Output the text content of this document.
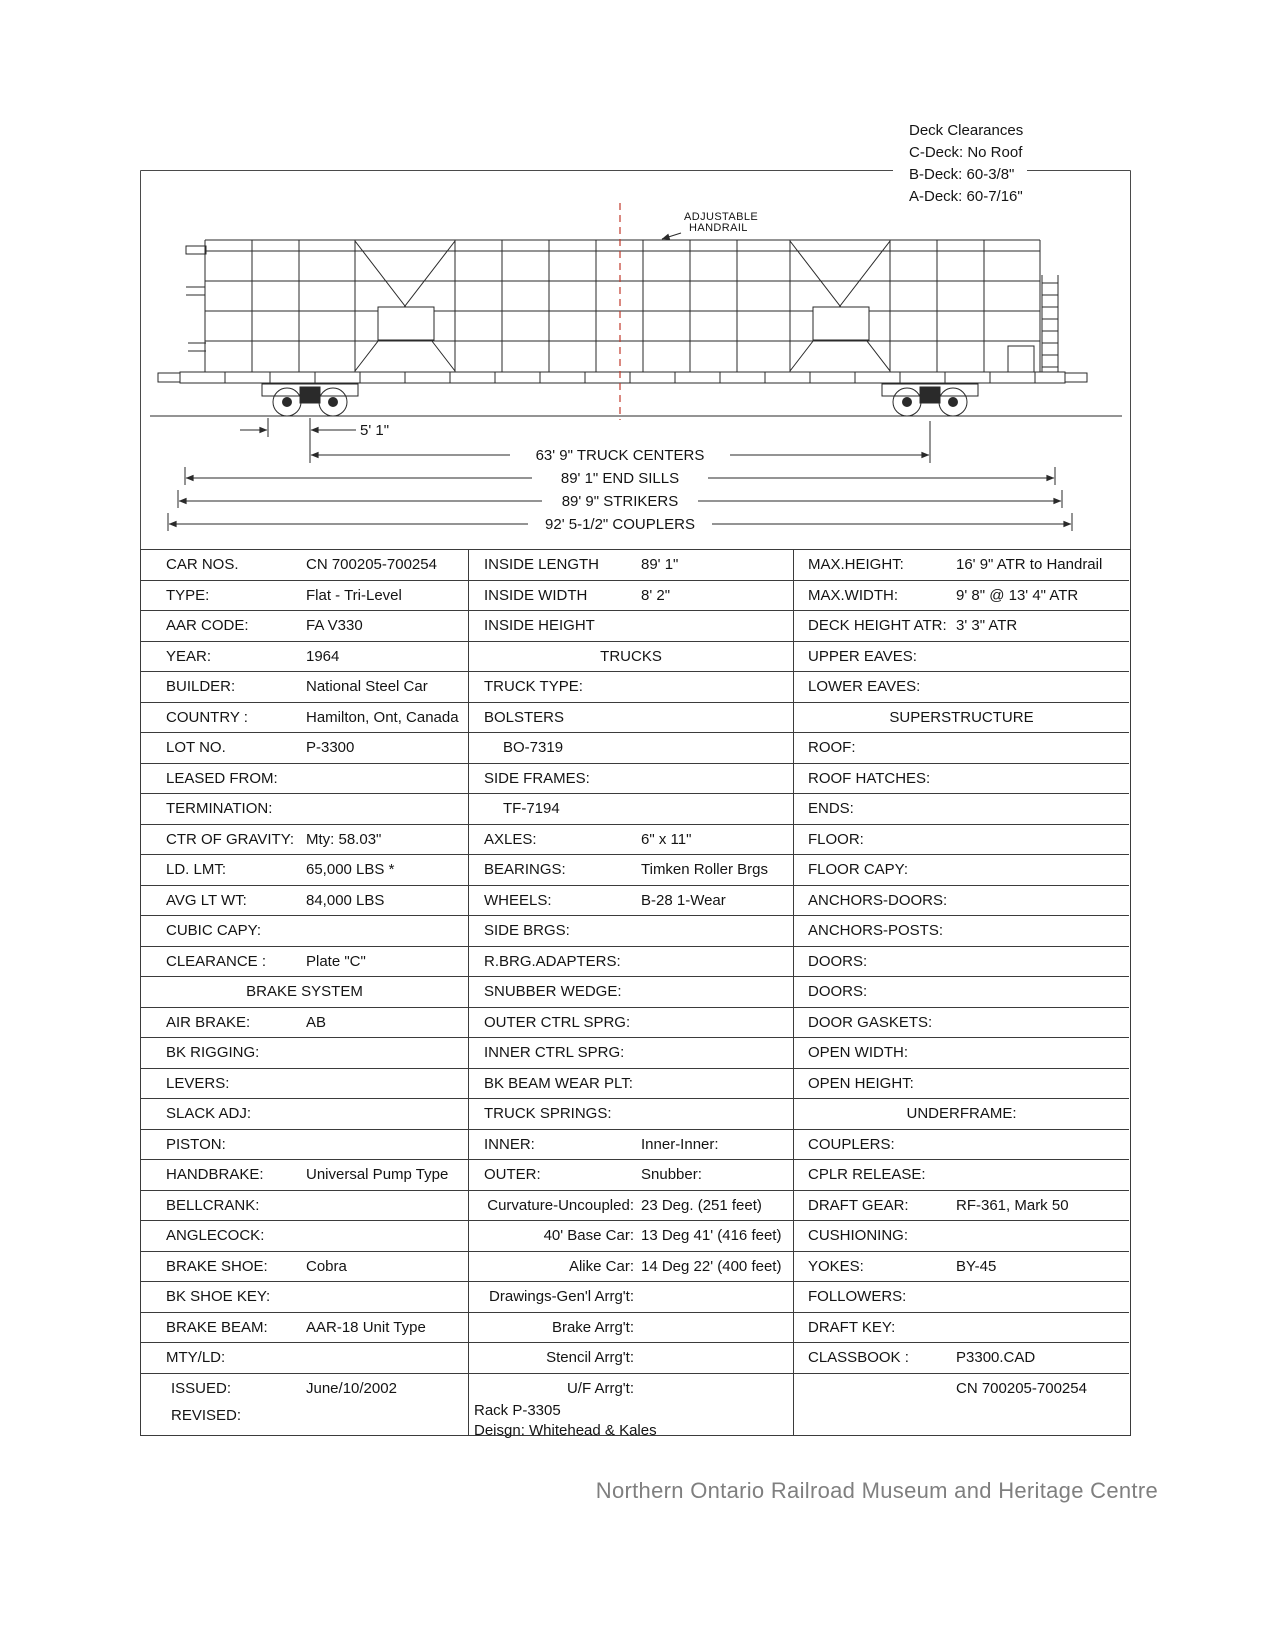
Deck Clearances
C-Deck: No Roof
B-Deck: 60-3/8"
A-Deck: 60-7/16"
ADJUSTABLE
HANDRAIL
5' 1"
63' 9" TRUCK CENTERS
89' 1" END SILLS
89' 9" STRIKERS
92' 5-1/2" COUPLERS
CAR NOS.	CN 700205-700254
TYPE:	Flat - Tri-Level
AAR CODE:	FA V330
YEAR:	1964
BUILDER:	National Steel Car
COUNTRY :	Hamilton, Ont, Canada
LOT NO.	P-3300
LEASED FROM:
TERMINATION:
CTR OF GRAVITY: Mty: 58.03"
LD. LMT:	65,000 LBS *
AVG LT WT:	84,000 LBS
CUBIC CAPY:
CLEARANCE :	Plate "C"
BRAKE SYSTEM
AIR BRAKE:	AB
BK RIGGING:
LEVERS:
SLACK ADJ:
PISTON:
HANDBRAKE:	Universal Pump Type
BELLCRANK:
ANGLECOCK:
BRAKE SHOE:	Cobra
BK SHOE KEY:
BRAKE BEAM:	AAR-18 Unit Type
MTY/LD:
ISSUED:	June/10/2002
REVISED:
INSIDE LENGTH	89' 1"
INSIDE WIDTH	8' 2"
INSIDE HEIGHT
TRUCKS
TRUCK TYPE:
BOLSTERS
BO-7319
SIDE FRAMES:
TF-7194
AXLES:	6" x 11"
BEARINGS:	Timken Roller Brgs
WHEELS:	B-28 1-Wear
SIDE BRGS:
R.BRG.ADAPTERS:
SNUBBER WEDGE:
OUTER CTRL SPRG:
INNER CTRL SPRG:
BK BEAM WEAR PLT:
TRUCK SPRINGS:
INNER:	Inner-Inner:
OUTER:	Snubber:
Curvature-Uncoupled: 23 Deg. (251 feet)
40' Base Car: 13 Deg 41' (416 feet)
Alike Car: 14 Deg 22' (400 feet)
Drawings-Gen'l Arrg't:
Brake Arrg't:
Stencil Arrg't:
U/F Arrg't:
Rack P-3305
Deisgn: Whitehead & Kales
MAX.HEIGHT:	16' 9" ATR to Handrail
MAX.WIDTH:	9' 8" @ 13' 4" ATR
DECK HEIGHT ATR: 3' 3" ATR
UPPER EAVES:
LOWER EAVES:
SUPERSTRUCTURE
ROOF:
ROOF HATCHES:
ENDS:
FLOOR:
FLOOR CAPY:
ANCHORS-DOORS:
ANCHORS-POSTS:
DOORS:
DOORS:
DOOR GASKETS:
OPEN WIDTH:
OPEN HEIGHT:
UNDERFRAME:
COUPLERS:
CPLR RELEASE:
DRAFT GEAR:	RF-361, Mark 50
CUSHIONING:
YOKES:	BY-45
FOLLOWERS:
DRAFT KEY:
CLASSBOOK :	P3300.CAD
CN 700205-700254
Northern Ontario Railroad Museum and Heritage Centre
